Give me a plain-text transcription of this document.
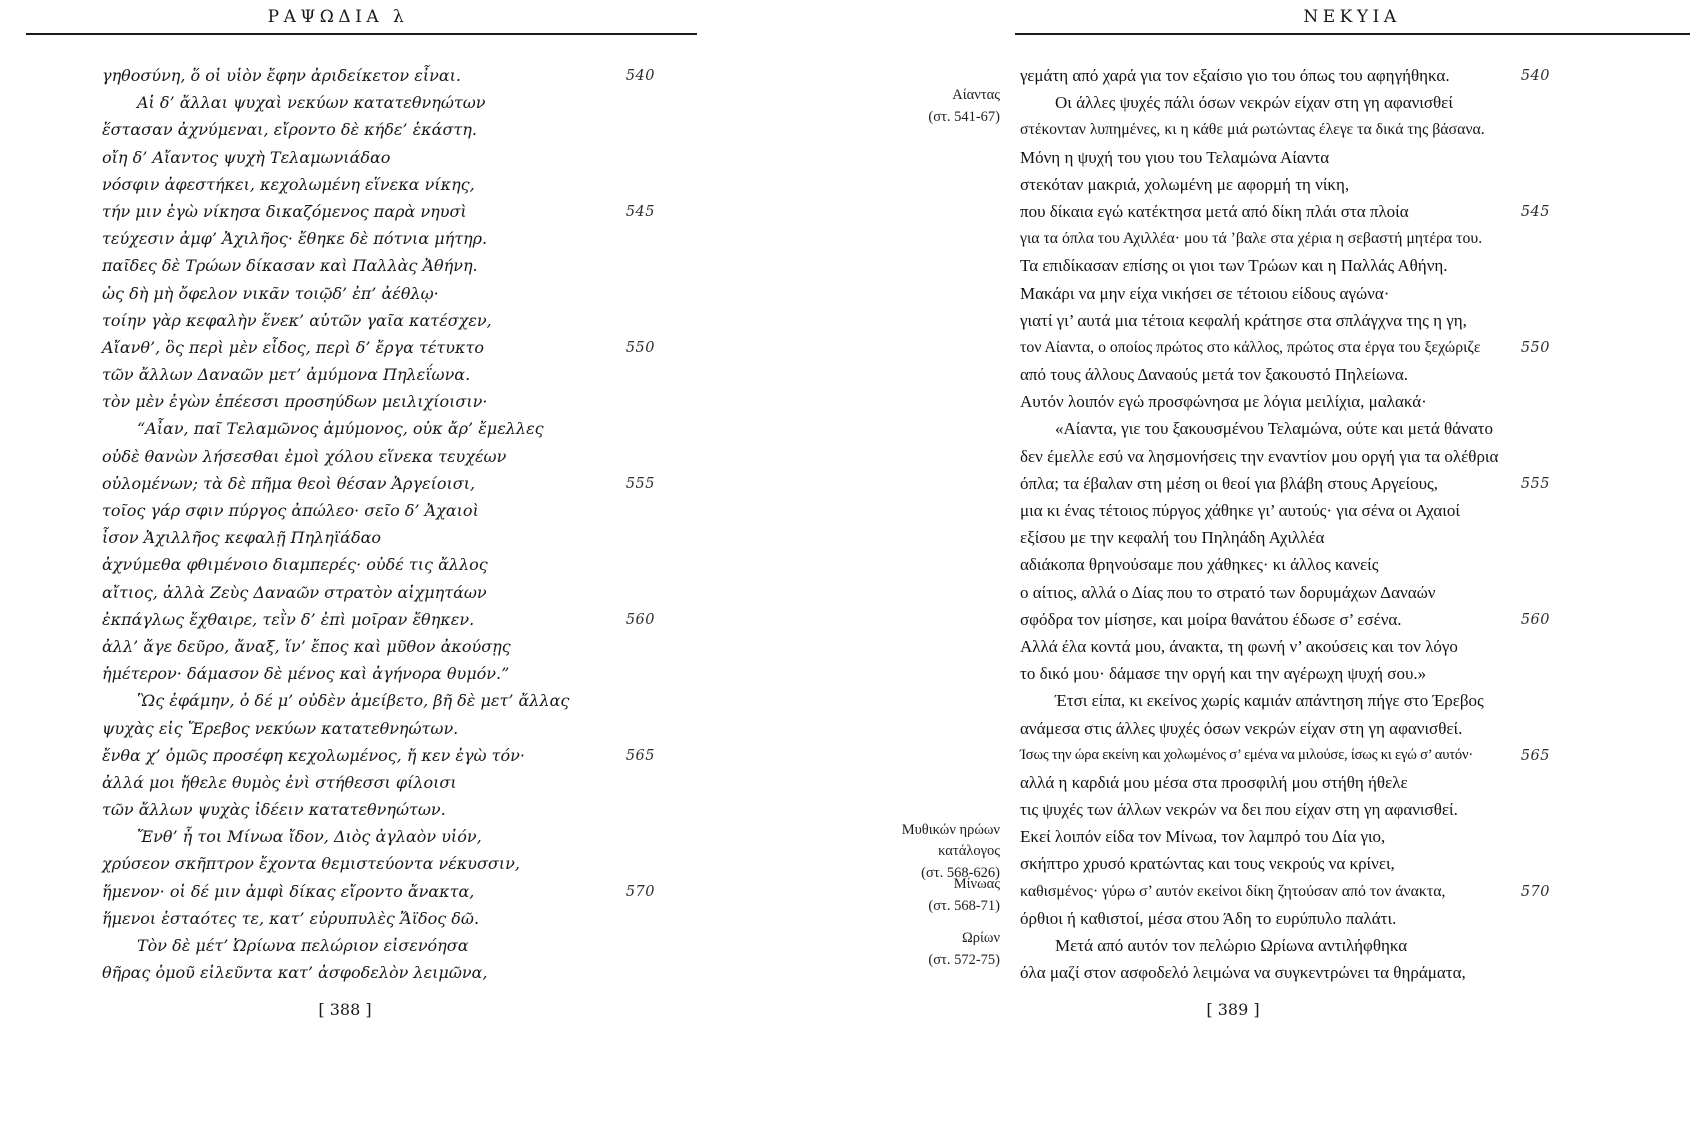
ΡΑΨΩΔΙΑ λ
γηθοσύνη, ὅ οἱ υἱὸν ἔφην ἀριδείκετον εἶναι.	540
Αἱ δ’ ἄλλαι ψυχαὶ νεκύων κατατεθνηώτων
ἕστασαν ἀχνύμεναι, εἴροντο δὲ κήδε’ ἑκάστη.
οἴη δ’ Αἴαντος ψυχὴ Τελαμωνιάδαο
νόσφιν ἀφεστήκει, κεχολωμένη εἵνεκα νίκης,
τήν μιν ἐγὼ νίκησα δικαζόμενος παρὰ νηυσὶ	545
τεύχεσιν ἀμφ’ Ἀχιλῆος· ἔθηκε δὲ πότνια μήτηρ.
παῖδες δὲ Τρώων δίκασαν καὶ Παλλὰς Ἀθήνη.
ὡς δὴ μὴ ὄφελον νικᾶν τοιῷδ’ ἐπ’ ἀέθλῳ·
τοίην γὰρ κεφαλὴν ἕνεκ’ αὐτῶν γαῖα κατέσχεν,
Αἴανθ’, ὃς περὶ μὲν εἶδος, περὶ δ’ ἔργα τέτυκτο	550
τῶν ἄλλων Δαναῶν μετ’ ἀμύμονα Πηλεΐωνα.
τὸν μὲν ἐγὼν ἐπέεσσι προσηύδων μειλιχίοισιν·
“Αἶαν, παῖ Τελαμῶνος ἀμύμονος, οὐκ ἄρ’ ἔμελλες
οὐδὲ θανὼν λήσεσθαι ἐμοὶ χόλου εἵνεκα τευχέων
οὐλομένων; τὰ δὲ πῆμα θεοὶ θέσαν Ἀργείοισι,	555
τοῖος γάρ σφιν πύργος ἀπώλεο· σεῖο δ’ Ἀχαιοὶ
ἶσον Ἀχιλλῆος κεφαλῇ Πηληϊάδαο
ἀχνύμεθα φθιμένοιο διαμπερές· οὐδέ τις ἄλλος
αἴτιος, ἀλλὰ Ζεὺς Δαναῶν στρατὸν αἰχμητάων
ἐκπάγλως ἔχθαιρε, τεῒν δ’ ἐπὶ μοῖραν ἔθηκεν.	560
ἀλλ’ ἄγε δεῦρο, ἄναξ, ἵν’ ἔπος καὶ μῦθον ἀκούσῃς
ἡμέτερον· δάμασον δὲ μένος καὶ ἀγήνορα θυμόν.”
Ὣς ἐφάμην, ὁ δέ μ’ οὐδὲν ἀμείβετο, βῆ δὲ μετ’ ἄλλας
ψυχὰς εἰς Ἔρεβος νεκύων κατατεθνηώτων.
ἔνθα χ’ ὁμῶς προσέφη κεχολωμένος, ἤ κεν ἐγὼ τόν·	565
ἀλλά μοι ἤθελε θυμὸς ἐνὶ στήθεσσι φίλοισι
τῶν ἄλλων ψυχὰς ἰδέειν κατατεθνηώτων.
Ἔνθ’ ἦ τοι Μίνωα ἴδον, Διὸς ἀγλαὸν υἱόν,
χρύσεον σκῆπτρον ἔχοντα θεμιστεύοντα νέκυσσιν,
ἥμενον· οἱ δέ μιν ἀμφὶ δίκας εἴροντο ἄνακτα,	570
ἥμενοι ἑσταότες τε, κατ’ εὐρυπυλὲς Ἄϊδος δῶ.
Τὸν δὲ μέτ’ Ὠρίωνα πελώριον εἰσενόησα
θῆρας ὁμοῦ εἰλεῦντα κατ’ ἀσφοδελὸν λειμῶνα,
[ 388 ]
ΝΕΚΥΙΑ
γεμάτη από χαρά για τον εξαίσιο γιο του όπως του αφηγήθηκα.	540
Οι άλλες ψυχές πάλι όσων νεκρών είχαν στη γη αφανισθεί
στέκονταν λυπημένες, κι η κάθε μιά ρωτώντας έλεγε τα δικά της βάσανα.
Μόνη η ψυχή του γιου του Τελαμώνα Αίαντα
στεκόταν μακριά, χολωμένη με αφορμή τη νίκη,
που δίκαια εγώ κατέκτησα μετά από δίκη πλάι στα πλοία	545
για τα όπλα του Αχιλλέα· μου τά ’βαλε στα χέρια η σεβαστή μητέρα του.
Τα επιδίκασαν επίσης οι γιοι των Τρώων και η Παλλάς Αθήνη.
Μακάρι να μην είχα νικήσει σε τέτοιου είδους αγώνα·
γιατί γι’ αυτά μια τέτοια κεφαλή κράτησε στα σπλάγχνα της η γη,
τον Αίαντα, ο οποίος πρώτος στο κάλλος, πρώτος στα έργα του ξεχώριζε	550
από τους άλλους Δαναούς μετά τον ξακουστό Πηλείωνα.
Αυτόν λοιπόν εγώ προσφώνησα με λόγια μειλίχια, μαλακά·
«Αίαντα, γιε του ξακουσμένου Τελαμώνα, ούτε και μετά θάνατο
δεν έμελλε εσύ να λησμονήσεις την εναντίον μου οργή για τα ολέθρια
όπλα; τα έβαλαν στη μέση οι θεοί για βλάβη στους Αργείους,	555
μια κι ένας τέτοιος πύργος χάθηκε γι’ αυτούς· για σένα οι Αχαιοί
εξίσου με την κεφαλή του Πηληάδη Αχιλλέα
αδιάκοπα θρηνούσαμε που χάθηκες· κι άλλος κανείς
ο αίτιος, αλλά ο Δίας που το στρατό των δορυμάχων Δαναών
σφόδρα τον μίσησε, και μοίρα θανάτου έδωσε σ’ εσένα.	560
Αλλά έλα κοντά μου, άνακτα, τη φωνή ν’ ακούσεις και τον λόγο
το δικό μου· δάμασε την οργή και την αγέρωχη ψυχή σου.»
Έτσι είπα, κι εκείνος χωρίς καμιάν απάντηση πήγε στο Έρεβος
ανάμεσα στις άλλες ψυχές όσων νεκρών είχαν στη γη αφανισθεί.
Ίσως την ώρα εκείνη και χολωμένος σ’ εμένα να μιλούσε, ίσως κι εγώ σ’ αυτόν·	565
αλλά η καρδιά μου μέσα στα προσφιλή μου στήθη ήθελε
τις ψυχές των άλλων νεκρών να δει που είχαν στη γη αφανισθεί.
Εκεί λοιπόν είδα τον Μίνωα, τον λαμπρό του Δία γιο,
σκήπτρο χρυσό κρατώντας και τους νεκρούς να κρίνει,
καθισμένος· γύρω σ’ αυτόν εκείνοι δίκη ζητούσαν από τον άνακτα,	570
όρθιοι ή καθιστοί, μέσα στου Άδη το ευρύπυλο παλάτι.
Μετά από αυτόν τον πελώριο Ωρίωνα αντιλήφθηκα
όλα μαζί στον ασφοδελό λειμώνα να συγκεντρώνει τα θηράματα,
Αίαντας
(στ. 541-67)
Μυθικών ηρώων
κατάλογος
(στ. 568-626)
Μίνωας
(στ. 568-71)
Ωρίων
(στ. 572-75)
[ 389 ]
